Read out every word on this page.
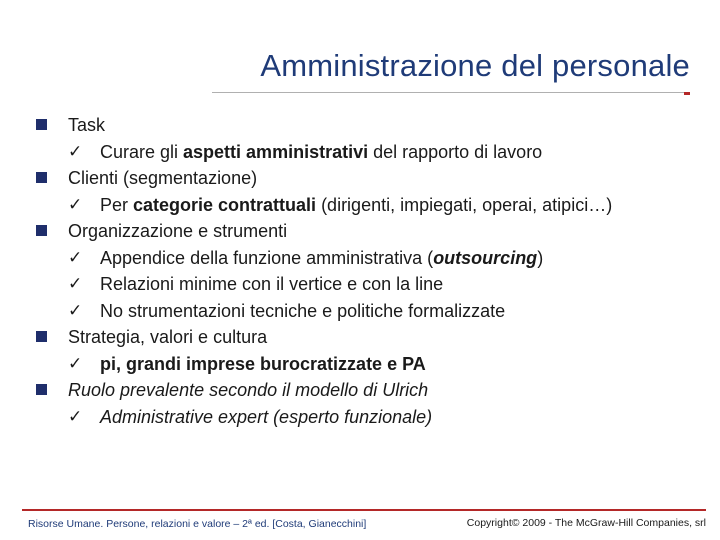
Amministrazione del personale
Task
✓ Curare gli aspetti amministrativi del rapporto di lavoro
Clienti (segmentazione)
✓ Per categorie contrattuali (dirigenti, impiegati, operai, atipici…)
Organizzazione e strumenti
✓ Appendice della funzione amministrativa (outsourcing)
✓ Relazioni minime con il vertice e con la line
✓ No strumentazioni tecniche e politiche formalizzate
Strategia, valori e cultura
✓ pi, grandi imprese burocratizzate e PA
Ruolo prevalente secondo il modello di Ulrich
✓ Administrative expert (esperto funzionale)
Risorse Umane. Persone, relazioni e valore – 2ª ed. [Costa, Gianecchini]	Copyright© 2009 - The McGraw-Hill Companies, srl
